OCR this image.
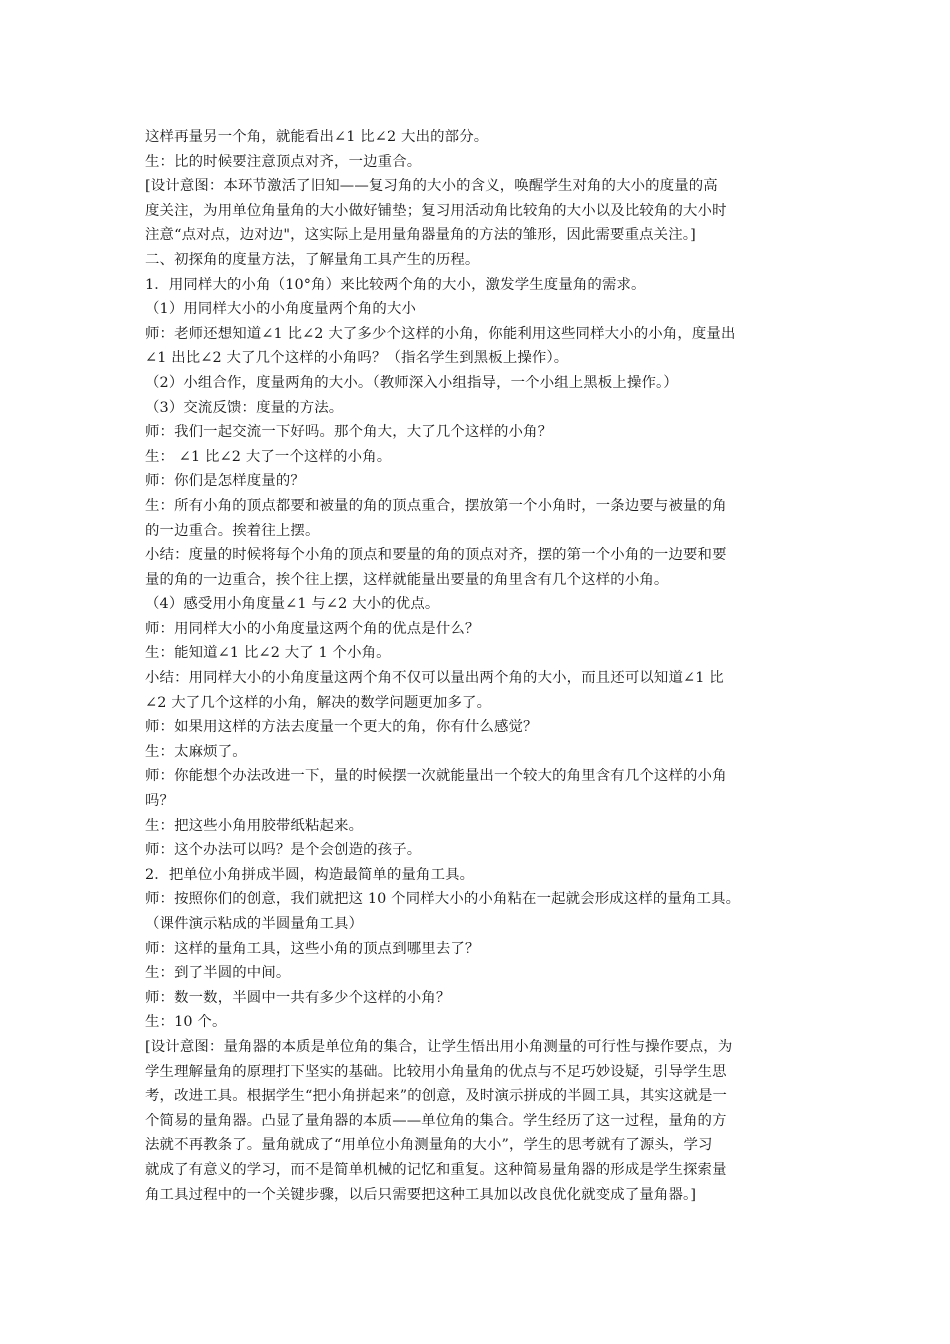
这样再量另一个角，就能看出∠1 比∠2 大出的部分。
生：比的时候要注意顶点对齐，一边重合。
[设计意图：本环节激活了旧知——复习角的大小的含义，唤醒学生对角的大小的度量的高
度关注，为用单位角量角的大小做好铺垫；复习用活动角比较角的大小以及比较角的大小时
注意“点对点，边对边"，这实际上是用量角器量角的方法的雏形，因此需要重点关注。]
二、初探角的度量方法，了解量角工具产生的历程。
1．用同样大的小角（10°角）来比较两个角的大小，激发学生度量角的需求。
（1）用同样大小的小角度量两个角的大小
师：老师还想知道∠1 比∠2 大了多少个这样的小角，你能利用这些同样大小的小角，度量出
∠1 出比∠2 大了几个这样的小角吗？（指名学生到黑板上操作）。
（2）小组合作，度量两角的大小。（教师深入小组指导，一个小组上黑板上操作。）
（3）交流反馈：度量的方法。
师：我们一起交流一下好吗。那个角大，大了几个这样的小角？
生： ∠1 比∠2 大了一个这样的小角。
师：你们是怎样度量的？
生：所有小角的顶点都要和被量的角的顶点重合，摆放第一个小角时，一条边要与被量的角
的一边重合。挨着往上摆。
小结：度量的时候将每个小角的顶点和要量的角的顶点对齐，摆的第一个小角的一边要和要
量的角的一边重合，挨个往上摆，这样就能量出要量的角里含有几个这样的小角。
（4）感受用小角度量∠1 与∠2 大小的优点。
师：用同样大小的小角度量这两个角的优点是什么？
生：能知道∠1 比∠2 大了 1 个小角。
小结：用同样大小的小角度量这两个角不仅可以量出两个角的大小，而且还可以知道∠1 比
∠2 大了几个这样的小角，解决的数学问题更加多了。
师：如果用这样的方法去度量一个更大的角，你有什么感觉？
生：太麻烦了。
师：你能想个办法改进一下，量的时候摆一次就能量出一个较大的角里含有几个这样的小角
吗？
生：把这些小角用胶带纸粘起来。
师：这个办法可以吗？是个会创造的孩子。
2．把单位小角拼成半圆，构造最简单的量角工具。
师：按照你们的创意，我们就把这 10 个同样大小的小角粘在一起就会形成这样的量角工具。
（课件演示粘成的半圆量角工具）
师：这样的量角工具，这些小角的顶点到哪里去了？
生：到了半圆的中间。
师：数一数，半圆中一共有多少个这样的小角？
生：10 个。
[设计意图：量角器的本质是单位角的集合，让学生悟出用小角测量的可行性与操作要点，为
学生理解量角的原理打下坚实的基础。比较用小角量角的优点与不足巧妙设疑，引导学生思
考，改进工具。根据学生“把小角拼起来”的创意，及时演示拼成的半圆工具，其实这就是一
个简易的量角器。凸显了量角器的本质——单位角的集合。学生经历了这一过程，量角的方
法就不再教条了。量角就成了“用单位小角测量角的大小”，学生的思考就有了源头，学习
就成了有意义的学习，而不是简单机械的记忆和重复。这种简易量角器的形成是学生探索量
角工具过程中的一个关键步骤，以后只需要把这种工具加以改良优化就变成了量角器。]
